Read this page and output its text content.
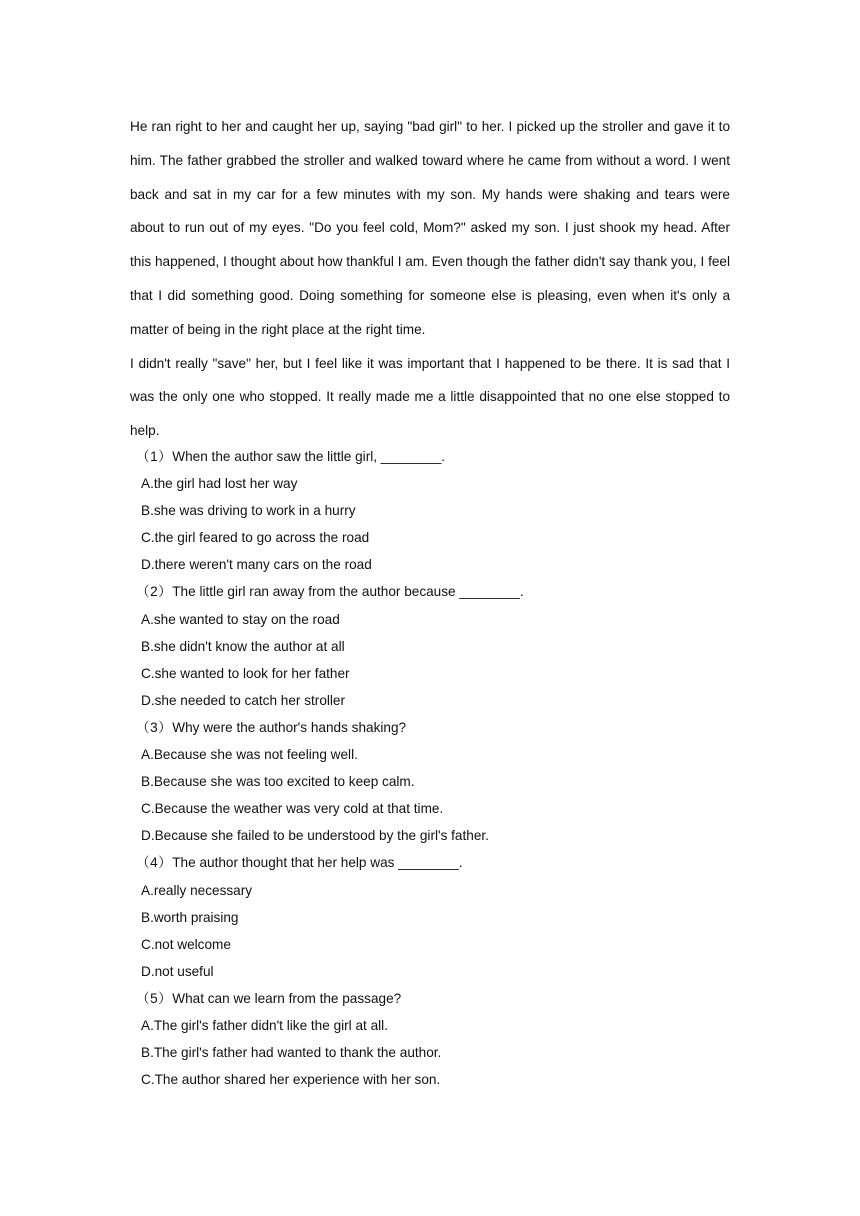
He ran right to her and caught her up, saying "bad girl" to her. I picked up the stroller and gave it to him. The father grabbed the stroller and walked toward where he came from without a word. I went back and sat in my car for a few minutes with my son. My hands were shaking and tears were about to run out of my eyes. "Do you feel cold, Mom?" asked my son. I just shook my head. After this happened, I thought about how thankful I am. Even though the father didn't say thank you, I feel that I did something good. Doing something for someone else is pleasing, even when it's only a matter of being in the right place at the right time.

I didn't really "save" her, but I feel like it was important that I happened to be there. It is sad that I was the only one who stopped. It really made me a little disappointed that no one else stopped to help.

（1）When the author saw the little girl, ________.
A.the girl had lost her way
B.she was driving to work in a hurry
C.the girl feared to go across the road
D.there weren't many cars on the road
（2）The little girl ran away from the author because ________.
A.she wanted to stay on the road
B.she didn't know the author at all
C.she wanted to look for her father
D.she needed to catch her stroller
（3）Why were the author's hands shaking?
A.Because she was not feeling well.
B.Because she was too excited to keep calm.
C.Because the weather was very cold at that time.
D.Because she failed to be understood by the girl's father.
（4）The author thought that her help was ________.
A.really necessary
B.worth praising
C.not welcome
D.not useful
（5）What can we learn from the passage?
A.The girl's father didn't like the girl at all.
B.The girl's father had wanted to thank the author.
C.The author shared her experience with her son.
